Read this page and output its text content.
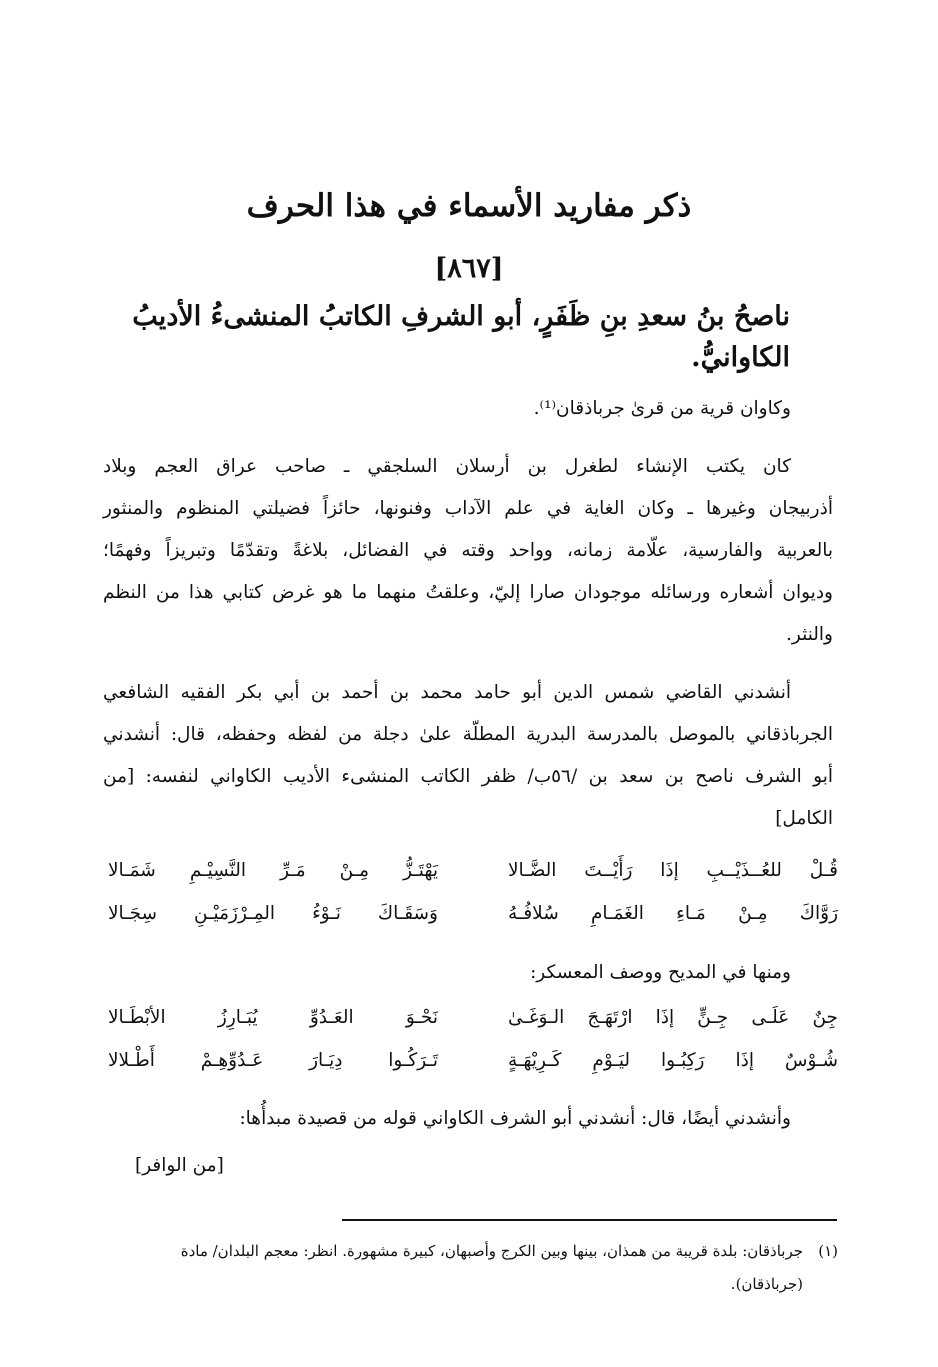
ذكر مفاريد الأسماء في هذا الحرف
[٨٦٧]
ناصحُ بنُ سعدِ بنِ ظَفَرٍ، أبو الشرفِ الكاتبُ المنشىءُ الأديبُ
الكاوانيُّ.
وكاوان قرية من قرىٰ جرباذقان⁽¹⁾.
كان يكتب الإنشاء لطغرل بن أرسلان السلجقي ـ صاحب عراق العجم وبلاد
أذربيجان وغيرها ـ وكان الغاية في علم الآداب وفنونها، حائزاً فضيلتي المنظوم والمنثور
بالعربية والفارسية، علّامة زمانه، وواحد وقته في الفضائل، بلاغةً وتقدّمًا وتبريزاً وفهمًا؛
وديوان أشعاره ورسائله موجودان صارا إليّ، وعلقتُ منهما ما هو غرض كتابي هذا من النظم
والنثر.
أنشدني القاضي شمس الدين أبو حامد محمد بن أحمد بن أبي بكر الفقيه الشافعي
الجرباذقاني بالموصل بالمدرسة البدرية المطلّة علىٰ دجلة من لفظه وحفظه، قال: أنشدني
أبو الشرف ناصح بن سعد بن /٥٦ب/ ظفر الكاتب المنشىء الأديب الكاواني لنفسه: [من
الكامل]
قُـلْ للعُــذَيْــبِ إذَا رَأَيْــتَ الضَّـالا
يَهْتَـزُّ مِـنْ مَـرِّ النَّسِيْـمِ شَمَـالا
رَوَّاكَ مِـنْ مَـاءِ الغَمَـامِ سُلافُـهُ
وَسَقَـاكَ نَـوْءُ المِـرْزَمَيْـنِ سِجَـالا
ومنها في المديح ووصف المعسكر:
جِنٌ عَلَـى جِـنٍّ إذَا ارْتَهَـجَ الـوَغَـىٰ
نَحْـوَ العَـدُوِّ يُبَـارِزُ الأبْطَـالا
شُـوْسٌ إذَا رَكِبُـوا ليَـوْمِ كَـرِيْهَـةٍ
تَـرَكُـوا دِيَـارَ عَـدُوِّهِـمْ أَطْـلالا
وأنشدني أيضًا، قال: أنشدني أبو الشرف الكاواني قوله من قصيدة مبدأُها:
[من الوافر]
(١)
جرباذقان: بلدة قريبة من همذان، بينها وبين الكرج وأصبهان، كبيرة مشهورة. انظر: معجم البلدان/ مادة
(جرباذقان).
